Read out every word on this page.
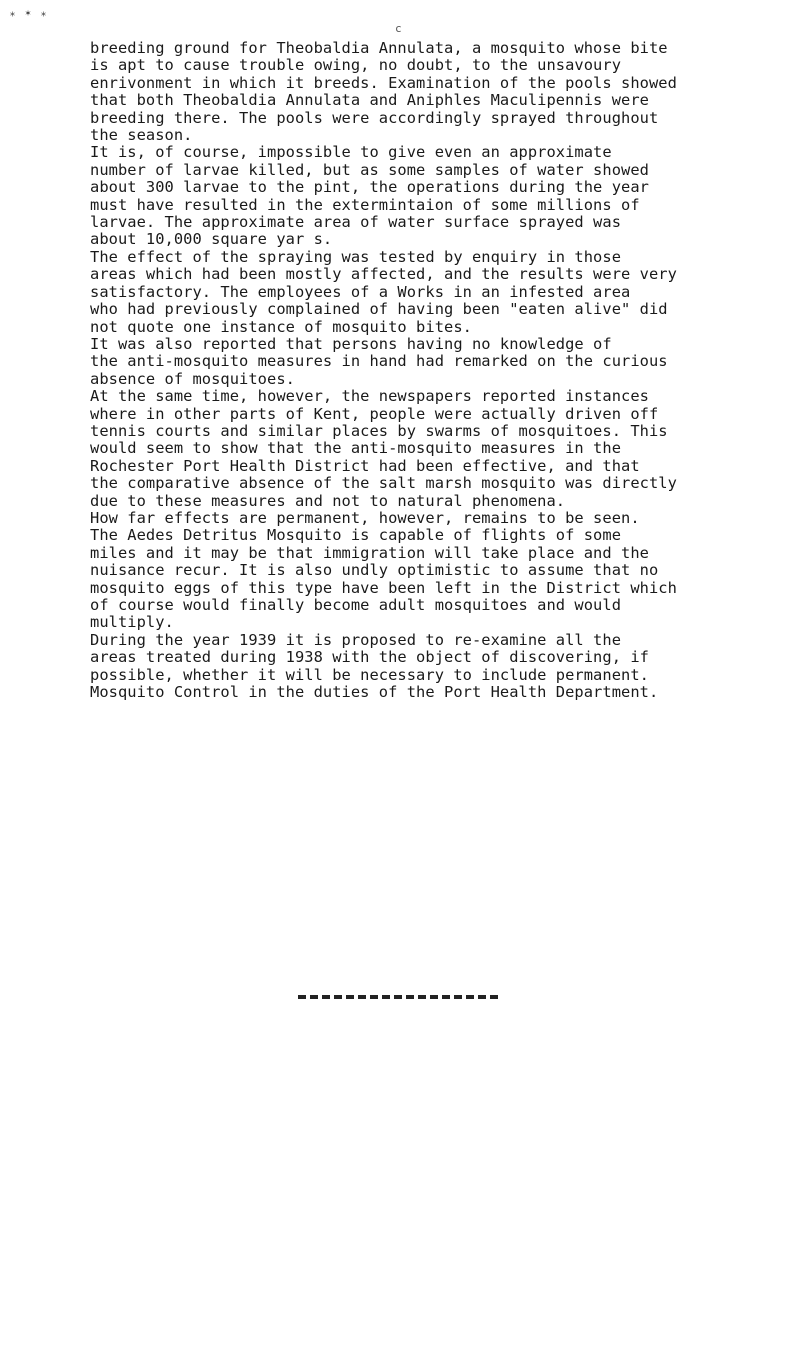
⁎ ✶ ⁎
c

breeding ground for Theobaldia Annulata, a mosquito whose bite
is apt to cause trouble owing, no doubt, to the unsavoury
enrivonment in which it breeds. Examination of the pools showed
that both Theobaldia Annulata and Aniphles Maculipennis were
breeding there. The pools were accordingly sprayed throughout
the season.

It is, of course, impossible to give even an approximate
number of larvae killed, but as some samples of water showed
about 300 larvae to the pint, the operations during the year
must have resulted in the extermintaion of some millions of
larvae. The approximate area of water surface sprayed was
about 10,000 square yar s.

The effect of the spraying was tested by enquiry in those
areas which had been mostly affected, and the results were very
satisfactory. The employees of a Works in an infested area
who had previously complained of having been "eaten alive" did
not quote one instance of mosquito bites.

It was also reported that persons having no knowledge of
the anti-mosquito measures in hand had remarked on the curious
absence of mosquitoes.

At the same time, however, the newspapers reported instances
where in other parts of Kent, people were actually driven off
tennis courts and similar places by swarms of mosquitoes. This
would seem to show that the anti-mosquito measures in the
Rochester Port Health District had been effective, and that
the comparative absence of the salt marsh mosquito was directly
due to these measures and not to natural phenomena.

How far effects are permanent, however, remains to be seen.
The Aedes Detritus Mosquito is capable of flights of some
miles and it may be that immigration will take place and the
nuisance recur. It is also undly optimistic to assume that no
mosquito eggs of this type have been left in the District which
of course would finally become adult mosquitoes and would
multiply.

During the year 1939 it is proposed to re-examine all the
areas treated during 1938 with the object of discovering, if
possible, whether it will be necessary to include permanent.
Mosquito Control in the duties of the Port Health Department.
